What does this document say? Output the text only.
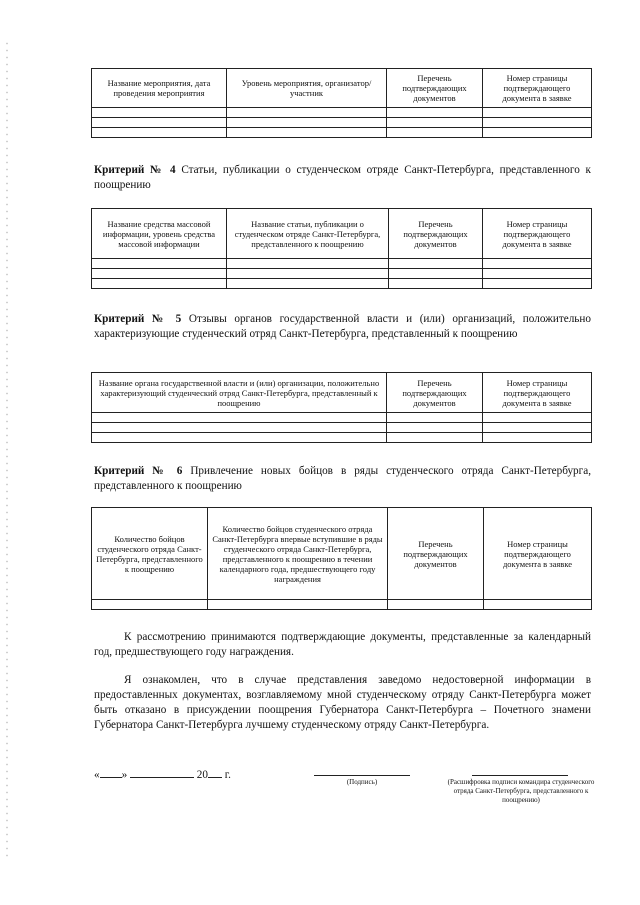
Название мероприятия, дата проведения мероприятия	Уровень мероприятия, организатор/участник	Перечень подтверждающих документов	Номер страницы подтверждающего документа в заявке

Критерий № 4 Статьи, публикации о студенческом отряде Санкт-Петербурга, представленного к поощрению
Название средства массовой информации, уровень средства массовой информации	Название статьи, публикации о студенческом отряде Санкт-Петербурга, представленного к поощрению	Перечень подтверждающих документов	Номер страницы подтверждающего документа в заявке

Критерий № 5 Отзывы органов государственной власти и (или) организаций, положительно характеризующие студенческий отряд Санкт-Петербурга, представленный к поощрению
Название органа государственной власти и (или) организации, положительно характеризующий студенческий отряд Санкт-Петербурга, представленный к поощрению	Перечень подтверждающих документов	Номер страницы подтверждающего документа в заявке

Критерий № 6 Привлечение новых бойцов в ряды студенческого отряда Санкт-Петербурга, представленного к поощрению
Количество бойцов студенческого отряда Санкт-Петербурга, представленного к поощрению	Количество бойцов студенческого отряда Санкт-Петербурга впервые вступившие в ряды студенческого отряда Санкт-Петербурга, представленного к поощрению в течении календарного года, предшествующего году награждения	Перечень подтверждающих документов	Номер страницы подтверждающего документа в заявке

К рассмотрению принимаются подтверждающие документы, представленные за календарный год, предшествующего году награждения.
Я ознакомлен, что в случае представления заведомо недостоверной информации в предоставленных документах, возглавляемому мной студенческому отряду Санкт-Петербурга может быть отказано в присуждении поощрения Губернатора Санкт-Петербурга – Почетного знамени Губернатора Санкт-Петербурга лучшему студенческому отряду Санкт-Петербурга.
« »	20 г.
(Подпись)	(Расшифровка подписи командира студенческого отряда Санкт-Петербурга, представленного к поощрению)
